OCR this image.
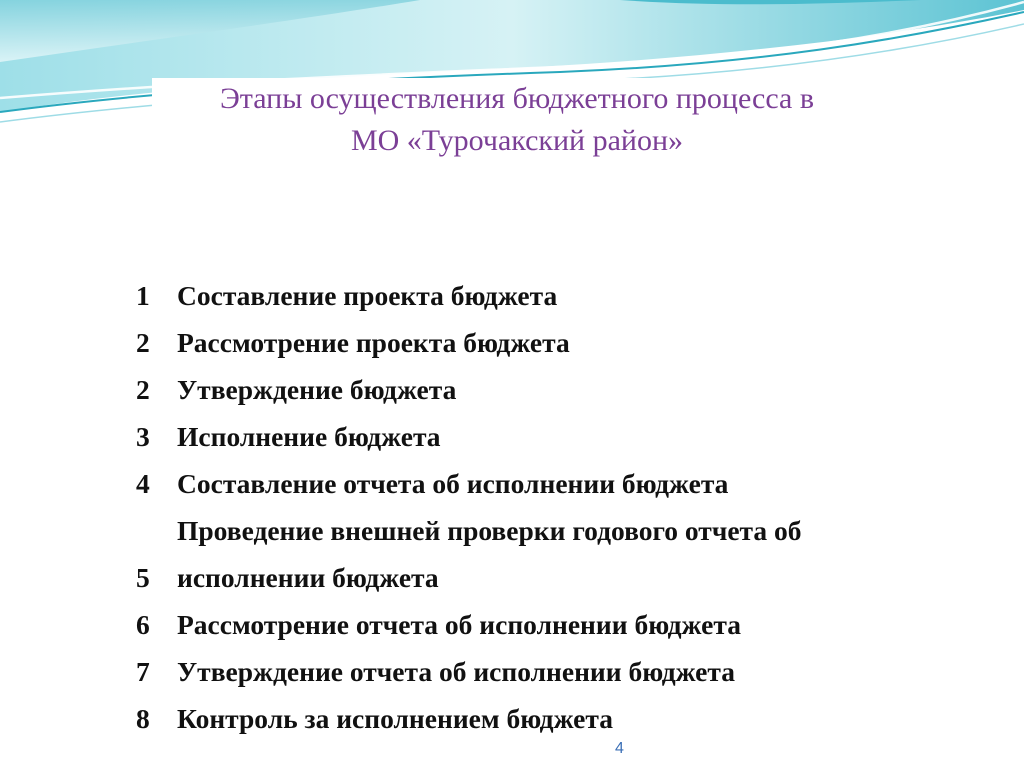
Этапы осуществления бюджетного процесса в
МО «Турочакский район»
1 Составление проекта бюджета
2 Рассмотрение проекта бюджета
2 Утверждение бюджета
3 Исполнение бюджета
4 Составление отчета об исполнении бюджета
Проведение внешней проверки годового отчета об
5 исполнении бюджета
6 Рассмотрение отчета об исполнении бюджета
7 Утверждение отчета об исполнении бюджета
8 Контроль за исполнением бюджета
4
